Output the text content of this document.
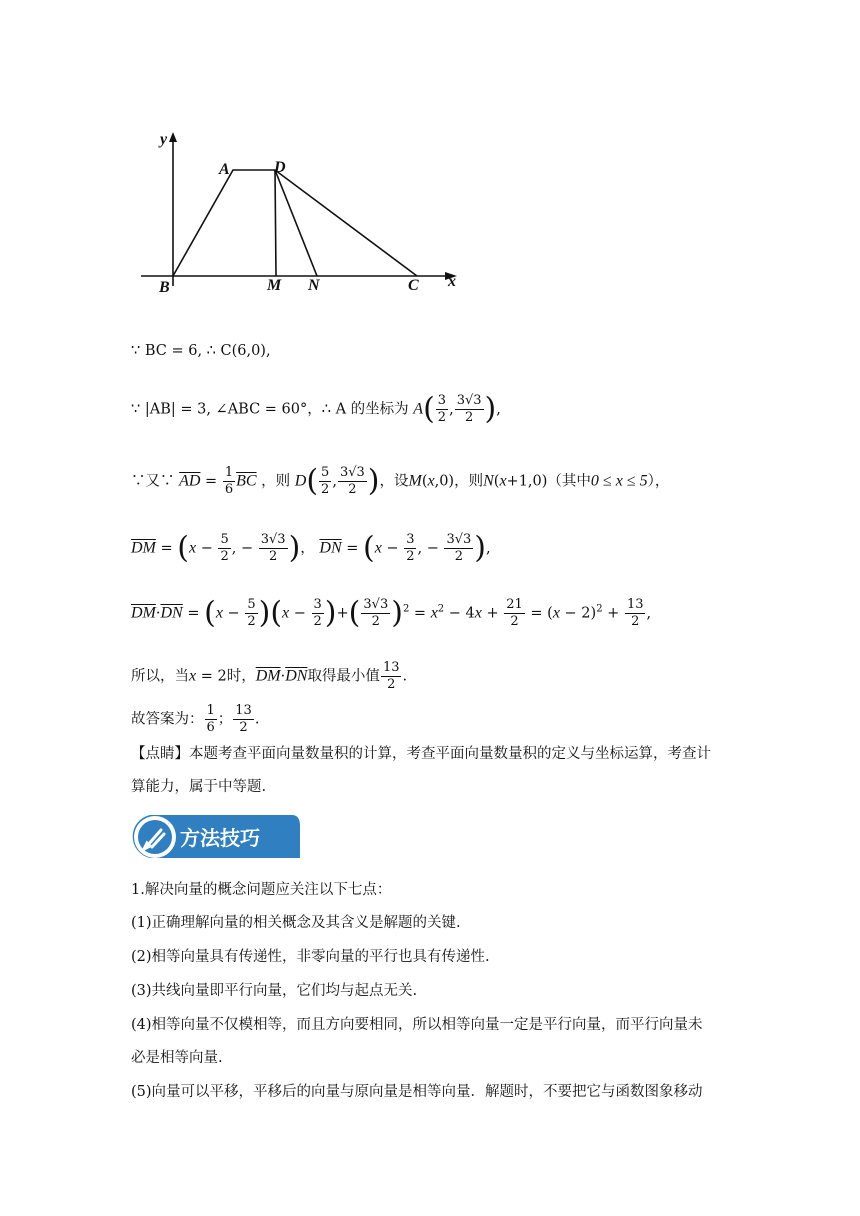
y
A	D
B	M N	C x
∵ BC = 6, ∴ C(6,0),
∵ |AB| = 3, ∠ABC = 60°，∴ A 的坐标为 $A( \frac{3}{2}$ , $\frac{3√3}{2}$ ),
∵又∵ $\overline{AD} = \frac{1}{6} \overline{BC}$ ，则 $D( \frac{5}{2}$ , $\frac{3√3}{2}$ )，设M(x,0)，则N(x+1,0)（其中0 ≤ x ≤ 5），
$\overline{DM} = (x - \frac{5}{2}$ , − $\frac{3√3}{2}$ )， $\overline{DN} = (x - \frac{3}{2}$ , − $\frac{3√3}{2}$ ),
$\overline{DM}\cdot\overline{DN} = (x - \frac{5}{2} )(x - \frac{3}{2}$ )+( $\frac{3√3}{2} )^2 = x^2 - 4x + \frac{21}{2} = (x - 2)^2 + \frac{13}{2}$ ,
所以，当x = 2时，$\overline{DM}\cdot\overline{DN}$取得最小值 $\frac{13}{2}$ .
故答案为： $\frac{1}{6}$ ； $\frac{13}{2}$ .
【点睛】本题考查平面向量数量积的计算，考查平面向量数量积的定义与坐标运算，考查计
算能力，属于中等题.
方法技巧
1.解决向量的概念问题应关注以下七点：
(1)正确理解向量的相关概念及其含义是解题的关键.
(2)相等向量具有传递性，非零向量的平行也具有传递性.
(3)共线向量即平行向量，它们均与起点无关.
(4)相等向量不仅模相等，而且方向要相同，所以相等向量一定是平行向量，而平行向量未
必是相等向量.
(5)向量可以平移，平移后的向量与原向量是相等向量．解题时，不要把它与函数图象移动
